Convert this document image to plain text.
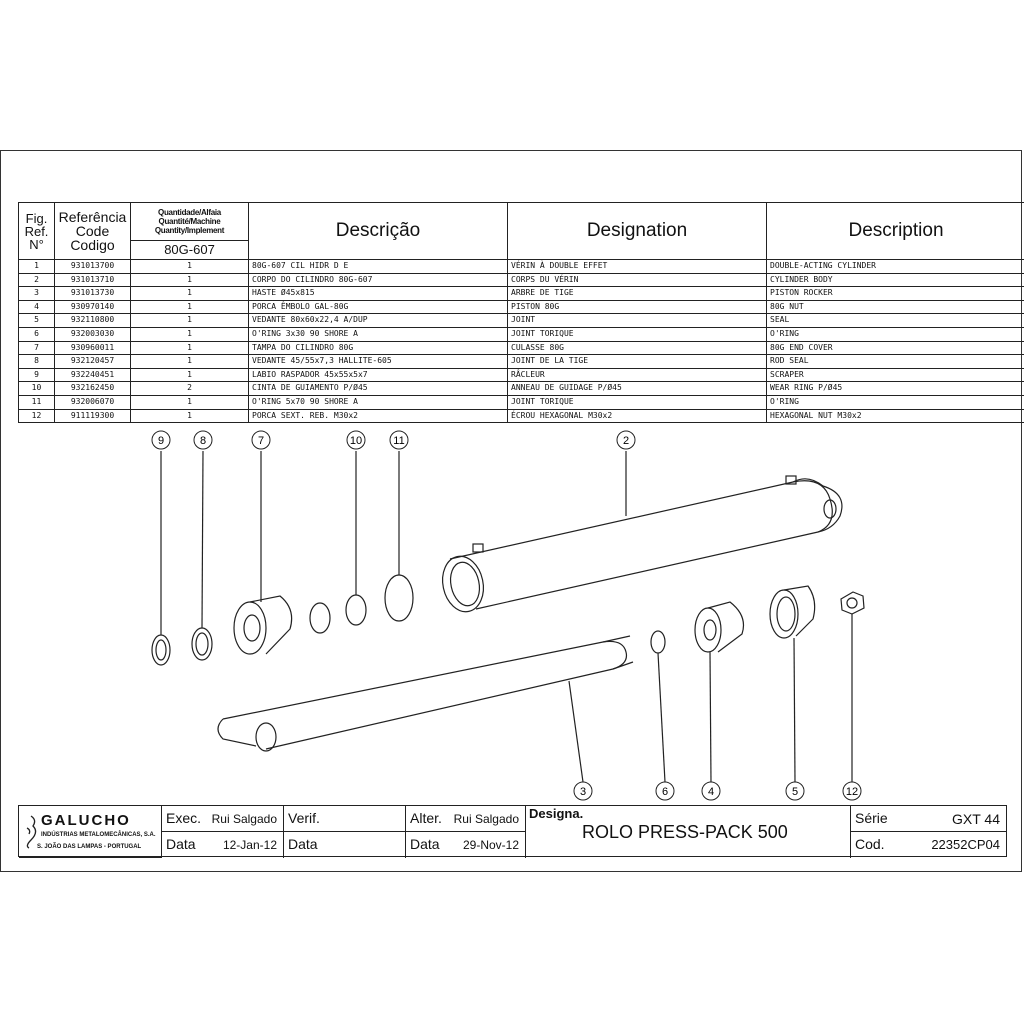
Fig.
Ref.
N°	Referência
Code
Codigo	Quantidade/Alfaia
Quantité/Machine
Quantity/Implement	Descrição	Designation	Description
		80G-607			
1	931013700	1	80G-607 CIL HIDR D E	VÉRIN À DOUBLE EFFET	DOUBLE-ACTING CYLINDER
2	931013710	1	CORPO DO CILINDRO 80G-607	CORPS DU VÉRIN	CYLINDER BODY
3	931013730	1	HASTE Ø45x815	ARBRE DE TIGE	PISTON ROCKER
4	930970140	1	PORCA ÊMBOLO GAL-80G	PISTON 80G	80G NUT
5	932110800	1	VEDANTE 80x60x22,4 A/DUP	JOINT	SEAL
6	932003030	1	O'RING 3x30 90 SHORE A	JOINT TORIQUE	O'RING
7	930960011	1	TAMPA DO CILINDRO 80G	CULASSE 80G	80G END COVER
8	932120457	1	VEDANTE 45/55x7,3 HALLITE-605	JOINT DE LA TIGE	ROD SEAL
9	932240451	1	LABIO RASPADOR 45x55x5x7	RÂCLEUR	SCRAPER
10	932162450	2	CINTA DE GUIAMENTO P/Ø45	ANNEAU DE GUIDAGE P/Ø45	WEAR RING P/Ø45
11	932006070	1	O'RING 5x70 90 SHORE A	JOINT TORIQUE	O'RING
12	911119300	1	PORCA SEXT. REB. M30x2	ÉCROU HEXAGONAL M30x2	HEXAGONAL NUT M30x2
9	8	7	10	11	2
3	6	4	5	12
GALUCHO
INDÚSTRIAS METALOMECÂNICAS, S.A.
S. JOÃO DAS LAMPAS - PORTUGAL
Exec. Rui Salgado
Data 12-Jan-12
Verif.
Data
Alter. Rui Salgado
Data 29-Nov-12
Designa.
ROLO PRESS-PACK 500
Série	GXT 44
Cod.	22352CP04
